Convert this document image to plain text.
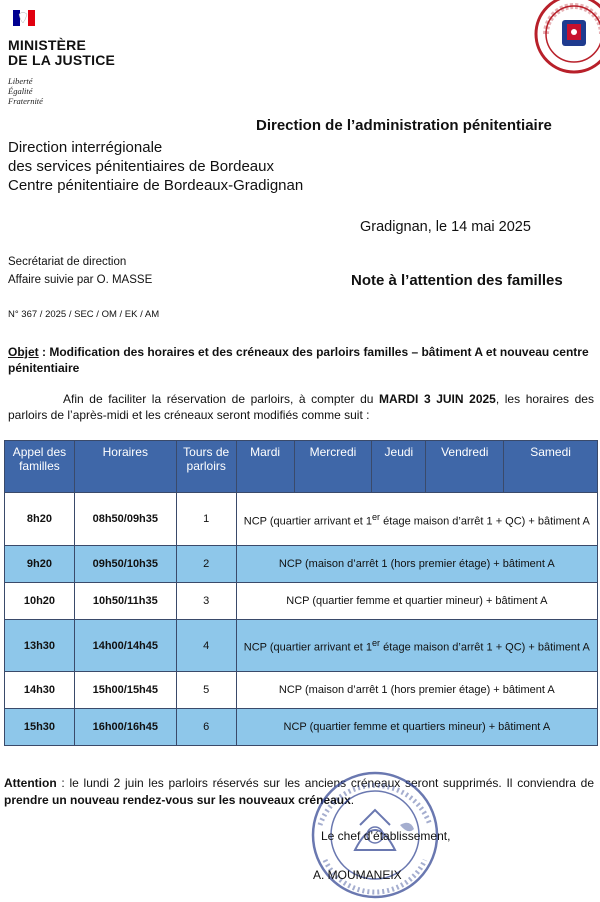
MINISTÈRE
DE LA JUSTICE
Liberté
Égalité
Fraternité
Direction de l’administration pénitentiaire
Direction interrégionale
des services pénitentiaires de Bordeaux
Centre pénitentiaire de Bordeaux-Gradignan
Gradignan, le 14 mai 2025
Secrétariat de direction
Affaire suivie par O. MASSE	Note à l’attention des familles
N° 367 / 2025 / SEC / OM / EK / AM
Objet : Modification des horaires et des créneaux des parloirs familles – bâtiment A et nouveau centre pénitentiaire
Afin de faciliter la réservation de parloirs, à compter du MARDI 3 JUIN 2025, les horaires des parloirs de l’après-midi et les créneaux seront modifiés comme suit :
Appel des familles	Horaires	Tours de parloirs	Mardi	Mercredi	Jeudi	Vendredi	Samedi
8h20	08h50/09h35	1	NCP (quartier arrivant et 1er étage maison d’arrêt 1 + QC) + bâtiment A				
9h20	09h50/10h35	2	NCP (maison d’arrêt 1 (hors premier étage) + bâtiment A				
10h20	10h50/11h35	3	NCP (quartier femme et quartier mineur) + bâtiment A				
13h30	14h00/14h45	4	NCP (quartier arrivant et 1er étage maison d’arrêt 1 + QC) + bâtiment A				
14h30	15h00/15h45	5	NCP (maison d’arrêt 1 (hors premier étage) + bâtiment A				
15h30	16h00/16h45	6	NCP (quartier femme et quartiers mineur) + bâtiment A				
Attention : le lundi 2 juin les parloirs réservés sur les anciens créneaux seront supprimés. Il conviendra de prendre un nouveau rendez-vous sur les nouveaux créneaux.
Le chef d’établissement,
A. MOUMANEIX
